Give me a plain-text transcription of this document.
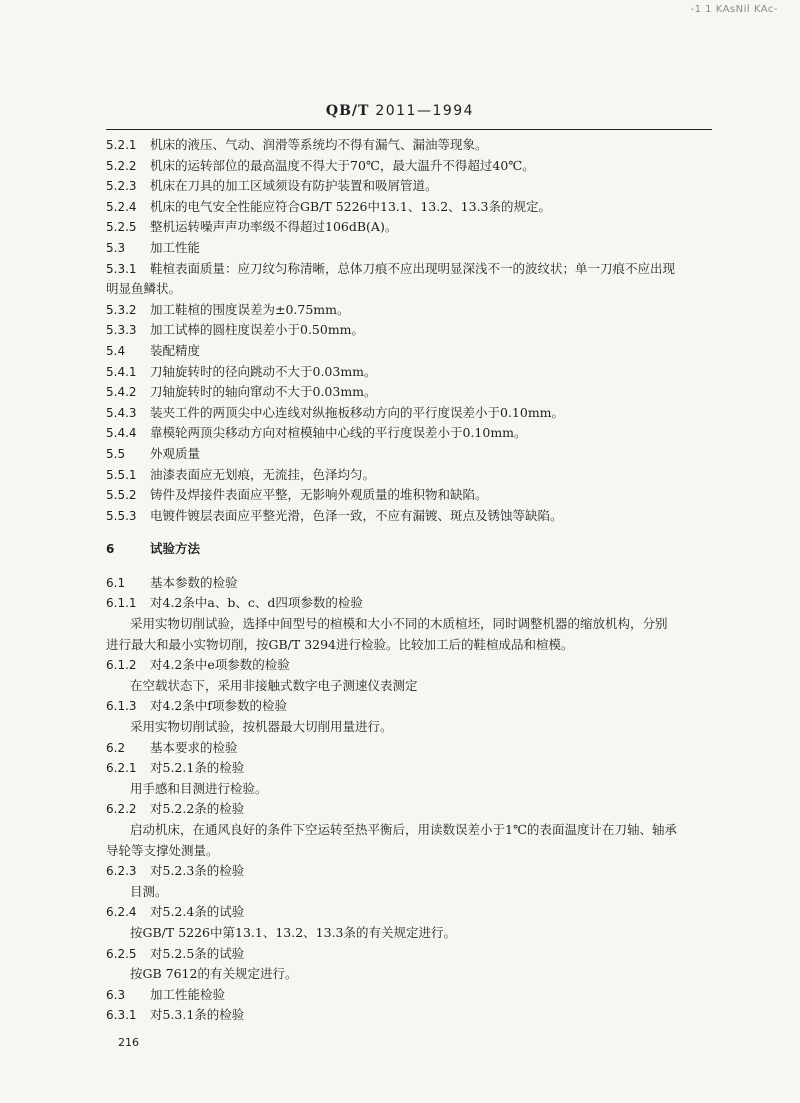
-1 1 KAsNil KAc-
QB/T 2011—1994
5.2.1 机床的液压、气动、润滑等系统均不得有漏气、漏油等现象。
5.2.2 机床的运转部位的最高温度不得大于70℃，最大温升不得超过40℃。
5.2.3 机床在刀具的加工区域须设有防护装置和吸屑管道。
5.2.4 机床的电气安全性能应符合GB/T 5226中13.1、13.2、13.3条的规定。
5.2.5 整机运转噪声声功率级不得超过106dB(A)。
5.3 加工性能
5.3.1 鞋楦表面质量：应刀纹匀称清晰，总体刀痕不应出现明显深浅不一的波纹状；单一刀痕不应出现
明显鱼鳞状。
5.3.2 加工鞋楦的围度误差为±0.75mm。
5.3.3 加工试棒的圆柱度误差小于0.50mm。
5.4 装配精度
5.4.1 刀轴旋转时的径向跳动不大于0.03mm。
5.4.2 刀轴旋转时的轴向窜动不大于0.03mm。
5.4.3 装夹工件的两顶尖中心连线对纵拖板移动方向的平行度误差小于0.10mm。
5.4.4 靠模轮两顶尖移动方向对楦模轴中心线的平行度误差小于0.10mm。
5.5 外观质量
5.5.1 油漆表面应无划痕，无流挂，色泽均匀。
5.5.2 铸件及焊接件表面应平整，无影响外观质量的堆积物和缺陷。
5.5.3 电镀件镀层表面应平整光滑，色泽一致，不应有漏镀、斑点及锈蚀等缺陷。
6	试验方法
6.1 基本参数的检验
6.1.1 对4.2条中a、b、c、d四项参数的检验
采用实物切削试验，选择中间型号的楦模和大小不同的木质楦坯，同时调整机器的缩放机构，分别
进行最大和最小实物切削，按GB/T 3294进行检验。比较加工后的鞋楦成品和楦模。
6.1.2 对4.2条中e项参数的检验
在空载状态下，采用非接触式数字电子测速仪表测定
6.1.3 对4.2条中f项参数的检验
采用实物切削试验，按机器最大切削用量进行。
6.2 基本要求的检验
6.2.1 对5.2.1条的检验
用手感和目测进行检验。
6.2.2 对5.2.2条的检验
启动机床，在通风良好的条件下空运转至热平衡后，用读数误差小于1℃的表面温度计在刀轴、轴承
导轮等支撑处测量。
6.2.3 对5.2.3条的检验
目测。
6.2.4 对5.2.4条的试验
按GB/T 5226中第13.1、13.2、13.3条的有关规定进行。
6.2.5 对5.2.5条的试验
按GB 7612的有关规定进行。
6.3 加工性能检验
6.3.1 对5.3.1条的检验
216
